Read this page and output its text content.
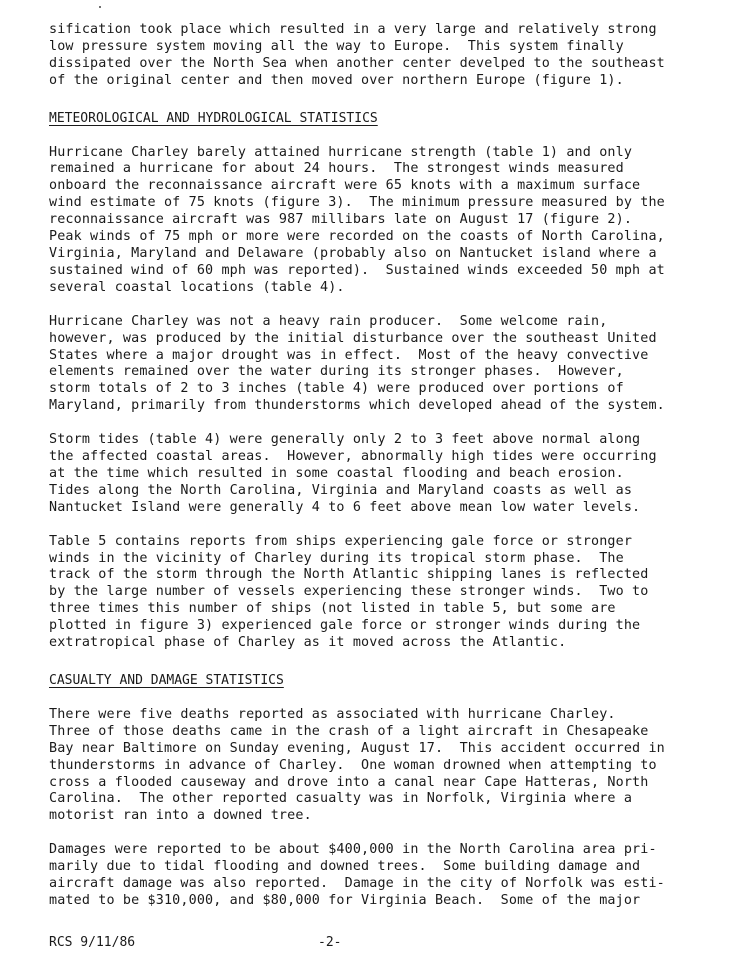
sification took place which resulted in a very large and relatively strong
low pressure system moving all the way to Europe.  This system finally
dissipated over the North Sea when another center develped to the southeast
of the original center and then moved over northern Europe (figure 1).
METEOROLOGICAL AND HYDROLOGICAL STATISTICS
Hurricane Charley barely attained hurricane strength (table 1) and only
remained a hurricane for about 24 hours.  The strongest winds measured
onboard the reconnaissance aircraft were 65 knots with a maximum surface
wind estimate of 75 knots (figure 3).  The minimum pressure measured by the
reconnaissance aircraft was 987 millibars late on August 17 (figure 2).
Peak winds of 75 mph or more were recorded on the coasts of North Carolina,
Virginia, Maryland and Delaware (probably also on Nantucket island where a
sustained wind of 60 mph was reported).  Sustained winds exceeded 50 mph at
several coastal locations (table 4).
Hurricane Charley was not a heavy rain producer.  Some welcome rain,
however, was produced by the initial disturbance over the southeast United
States where a major drought was in effect.  Most of the heavy convective
elements remained over the water during its stronger phases.  However,
storm totals of 2 to 3 inches (table 4) were produced over portions of
Maryland, primarily from thunderstorms which developed ahead of the system.
Storm tides (table 4) were generally only 2 to 3 feet above normal along
the affected coastal areas.  However, abnormally high tides were occurring
at the time which resulted in some coastal flooding and beach erosion.
Tides along the North Carolina, Virginia and Maryland coasts as well as
Nantucket Island were generally 4 to 6 feet above mean low water levels.
Table 5 contains reports from ships experiencing gale force or stronger
winds in the vicinity of Charley during its tropical storm phase.  The
track of the storm through the North Atlantic shipping lanes is reflected
by the large number of vessels experiencing these stronger winds.  Two to
three times this number of ships (not listed in table 5, but some are
plotted in figure 3) experienced gale force or stronger winds during the
extratropical phase of Charley as it moved across the Atlantic.
CASUALTY AND DAMAGE STATISTICS
There were five deaths reported as associated with hurricane Charley.
Three of those deaths came in the crash of a light aircraft in Chesapeake
Bay near Baltimore on Sunday evening, August 17.  This accident occurred in
thunderstorms in advance of Charley.  One woman drowned when attempting to
cross a flooded causeway and drove into a canal near Cape Hatteras, North
Carolina.  The other reported casualty was in Norfolk, Virginia where a
motorist ran into a downed tree.
Damages were reported to be about $400,000 in the North Carolina area pri-
marily due to tidal flooding and downed trees.  Some building damage and
aircraft damage was also reported.  Damage in the city of Norfolk was esti-
mated to be $310,000, and $80,000 for Virginia Beach.  Some of the major
RCS 9/11/86	-2-
